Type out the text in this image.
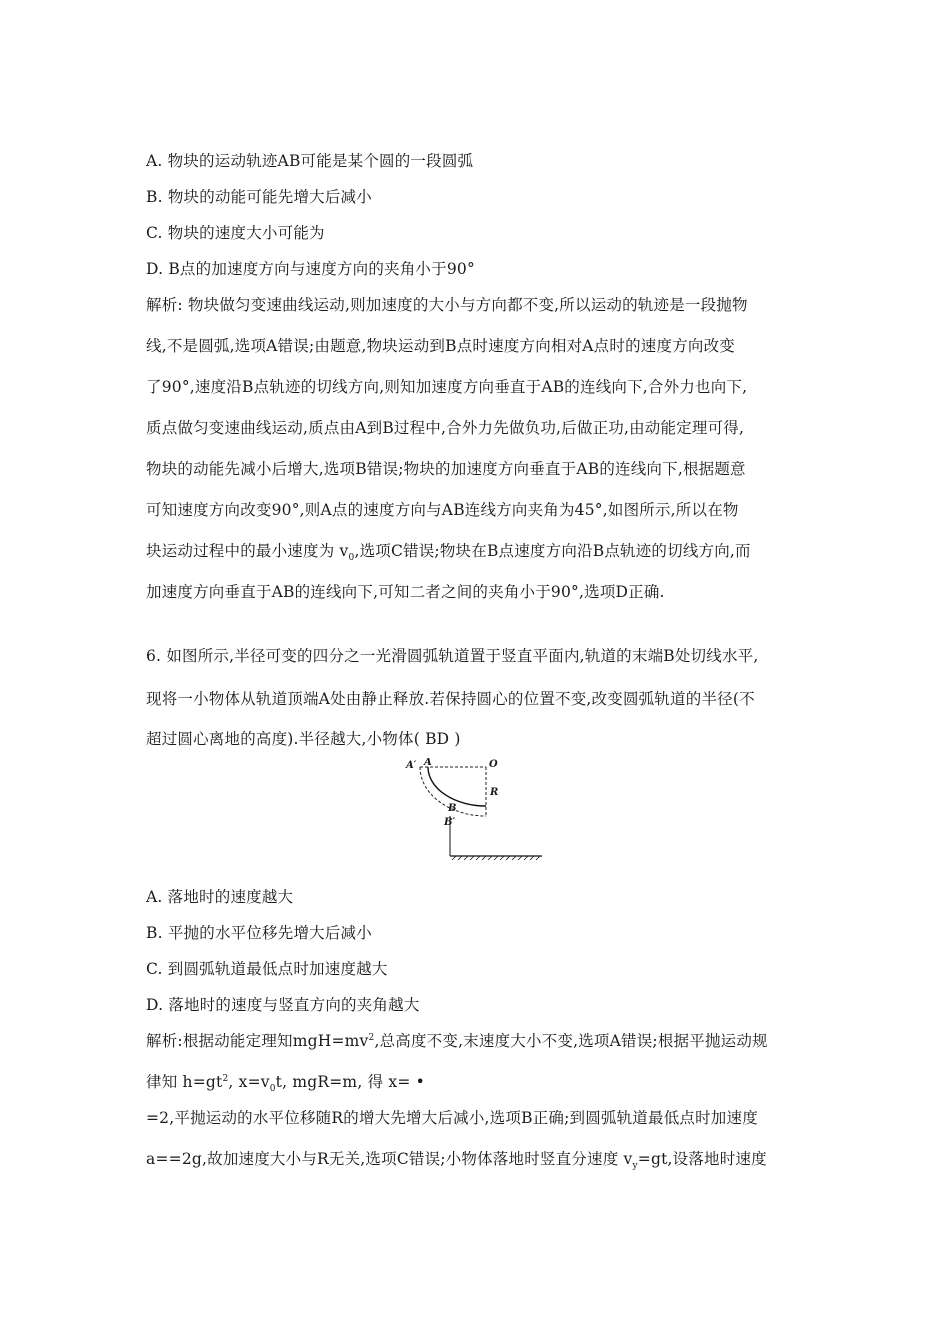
A. 物块的运动轨迹AB可能是某个圆的一段圆弧
B. 物块的动能可能先增大后减小
C. 物块的速度大小可能为
D. B点的加速度方向与速度方向的夹角小于90°
解析: 物块做匀变速曲线运动,则加速度的大小与方向都不变,所以运动的轨迹是一段抛物
线,不是圆弧,选项A错误;由题意,物块运动到B点时速度方向相对A点时的速度方向改变
了90°,速度沿B点轨迹的切线方向,则知加速度方向垂直于AB的连线向下,合外力也向下,
质点做匀变速曲线运动,质点由A到B过程中,合外力先做负功,后做正功,由动能定理可得,
物块的动能先减小后增大,选项B错误;物块的加速度方向垂直于AB的连线向下,根据题意
可知速度方向改变90°,则A点的速度方向与AB连线方向夹角为45°,如图所示,所以在物
块运动过程中的最小速度为 $v_0$,选项C错误;物块在B点速度方向沿B点轨迹的切线方向,而
加速度方向垂直于AB的连线向下,可知二者之间的夹角小于90°,选项D正确.
6. 如图所示,半径可变的四分之一光滑圆弧轨道置于竖直平面内,轨道的末端B处切线水平,
现将一小物体从轨道顶端A处由静止释放.若保持圆心的位置不变,改变圆弧轨道的半径(不
超过圆心离地的高度).半径越大,小物体( BD )
A′ A	O
R
B
B′
A. 落地时的速度越大
B. 平抛的水平位移先增大后减小
C. 到圆弧轨道最低点时加速度越大
D. 落地时的速度与竖直方向的夹角越大
解析:根据动能定理知$mgH=mv^2$,总高度不变,末速度大小不变,选项A错误;根据平抛运动规
律知 $h=gt^2$, $x=v_0t$, mgR=m, 得 x= •
=2,平抛运动的水平位移随R的增大先增大后减小,选项B正确;到圆弧轨道最低点时加速度
a==2g,故加速度大小与R无关,选项C错误;小物体落地时竖直分速度 $v_y=gt$,设落地时速度
